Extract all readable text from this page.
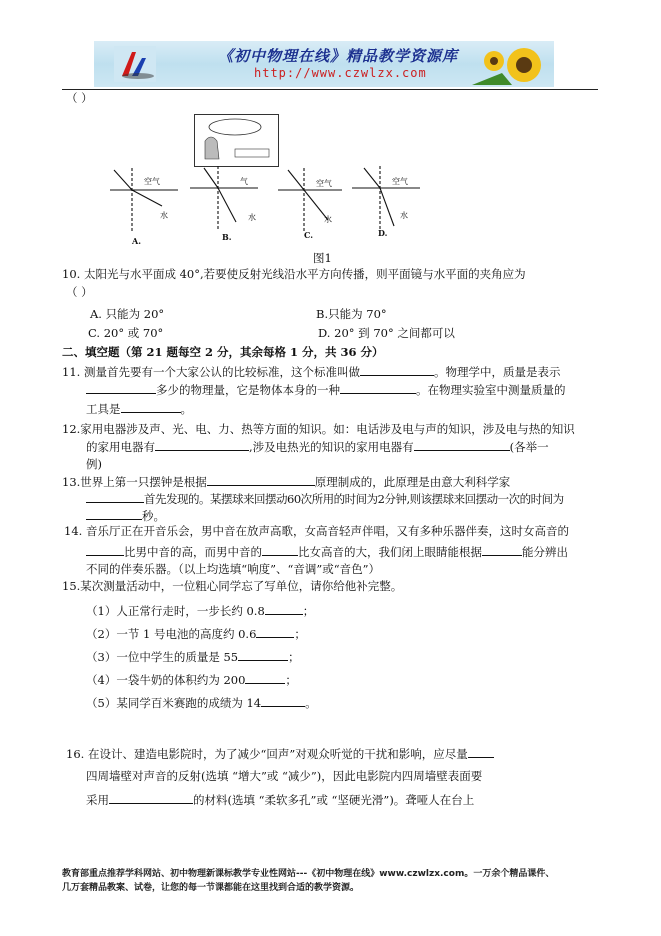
《初中物理在线》精品教学资源库
http://www.czwlzx.com
（ ）
空气
水
气
水
空气
水
空气
水
A.	B.	C.	D.
图1
10. 太阳光与水平面成 40°,若要使反射光线沿水平方向传播，则平面镜与水平面的夹角应为
（ ）
A. 只能为 20°	B.只能为 70°
C. 20° 或 70°	D. 20° 到 70° 之间都可以
二、填空题（第 21 题每空 2 分，其余每格 1 分，共 36 分）
11. 测量首先要有一个大家公认的比较标准，这个标准叫做	。物理学中，质量是表示
多少的物理量，它是物体本身的一种	。在物理实验室中测量质量的
工具是	。
12.家用电器涉及声、光、电、力、热等方面的知识。如：电话涉及电与声的知识，涉及电与热的知识
的家用电器有	,涉及电热光的知识的家用电器有	(各举一
例)
13.世界上第一只摆钟是根据	原理制成的，此原理是由意大利科学家
首先发现的。某摆球来回摆动60次所用的时间为2分钟,则该摆球来回摆动一次的时间为
秒。
14. 音乐厅正在开音乐会，男中音在放声高歌，女高音轻声伴唱，又有多种乐器伴奏，这时女高音的
比男中音的高，而男中音的	比女高音的大，我们闭上眼睛能根据	能分辨出
不同的伴奏乐器。（以上均选填“响度”、“音调”或“音色”）
15.某次测量活动中，一位粗心同学忘了写单位，请你给他补完整。
（1）人正常行走时，一步长约 0.8	；
（2）一节 1 号电池的高度约 0.6	；
（3）一位中学生的质量是 55	；
（4）一袋牛奶的体积约为 200	；
（5）某同学百米赛跑的成绩为 14	。
16. 在设计、建造电影院时，为了减少“回声”对观众听觉的干扰和影响，应尽量
四周墙壁对声音的反射(选填 “增大”或 “减少”)，因此电影院内四周墙壁表面要
采用	的材料(选填 “柔软多孔”或 “坚硬光滑”)。聋哑人在台上
教育部重点推荐学科网站、初中物理新课标教学专业性网站---《初中物理在线》www.czwlzx.com。一万余个精品课件、
几万套精品教案、试卷，让您的每一节课都能在这里找到合适的教学资源。
